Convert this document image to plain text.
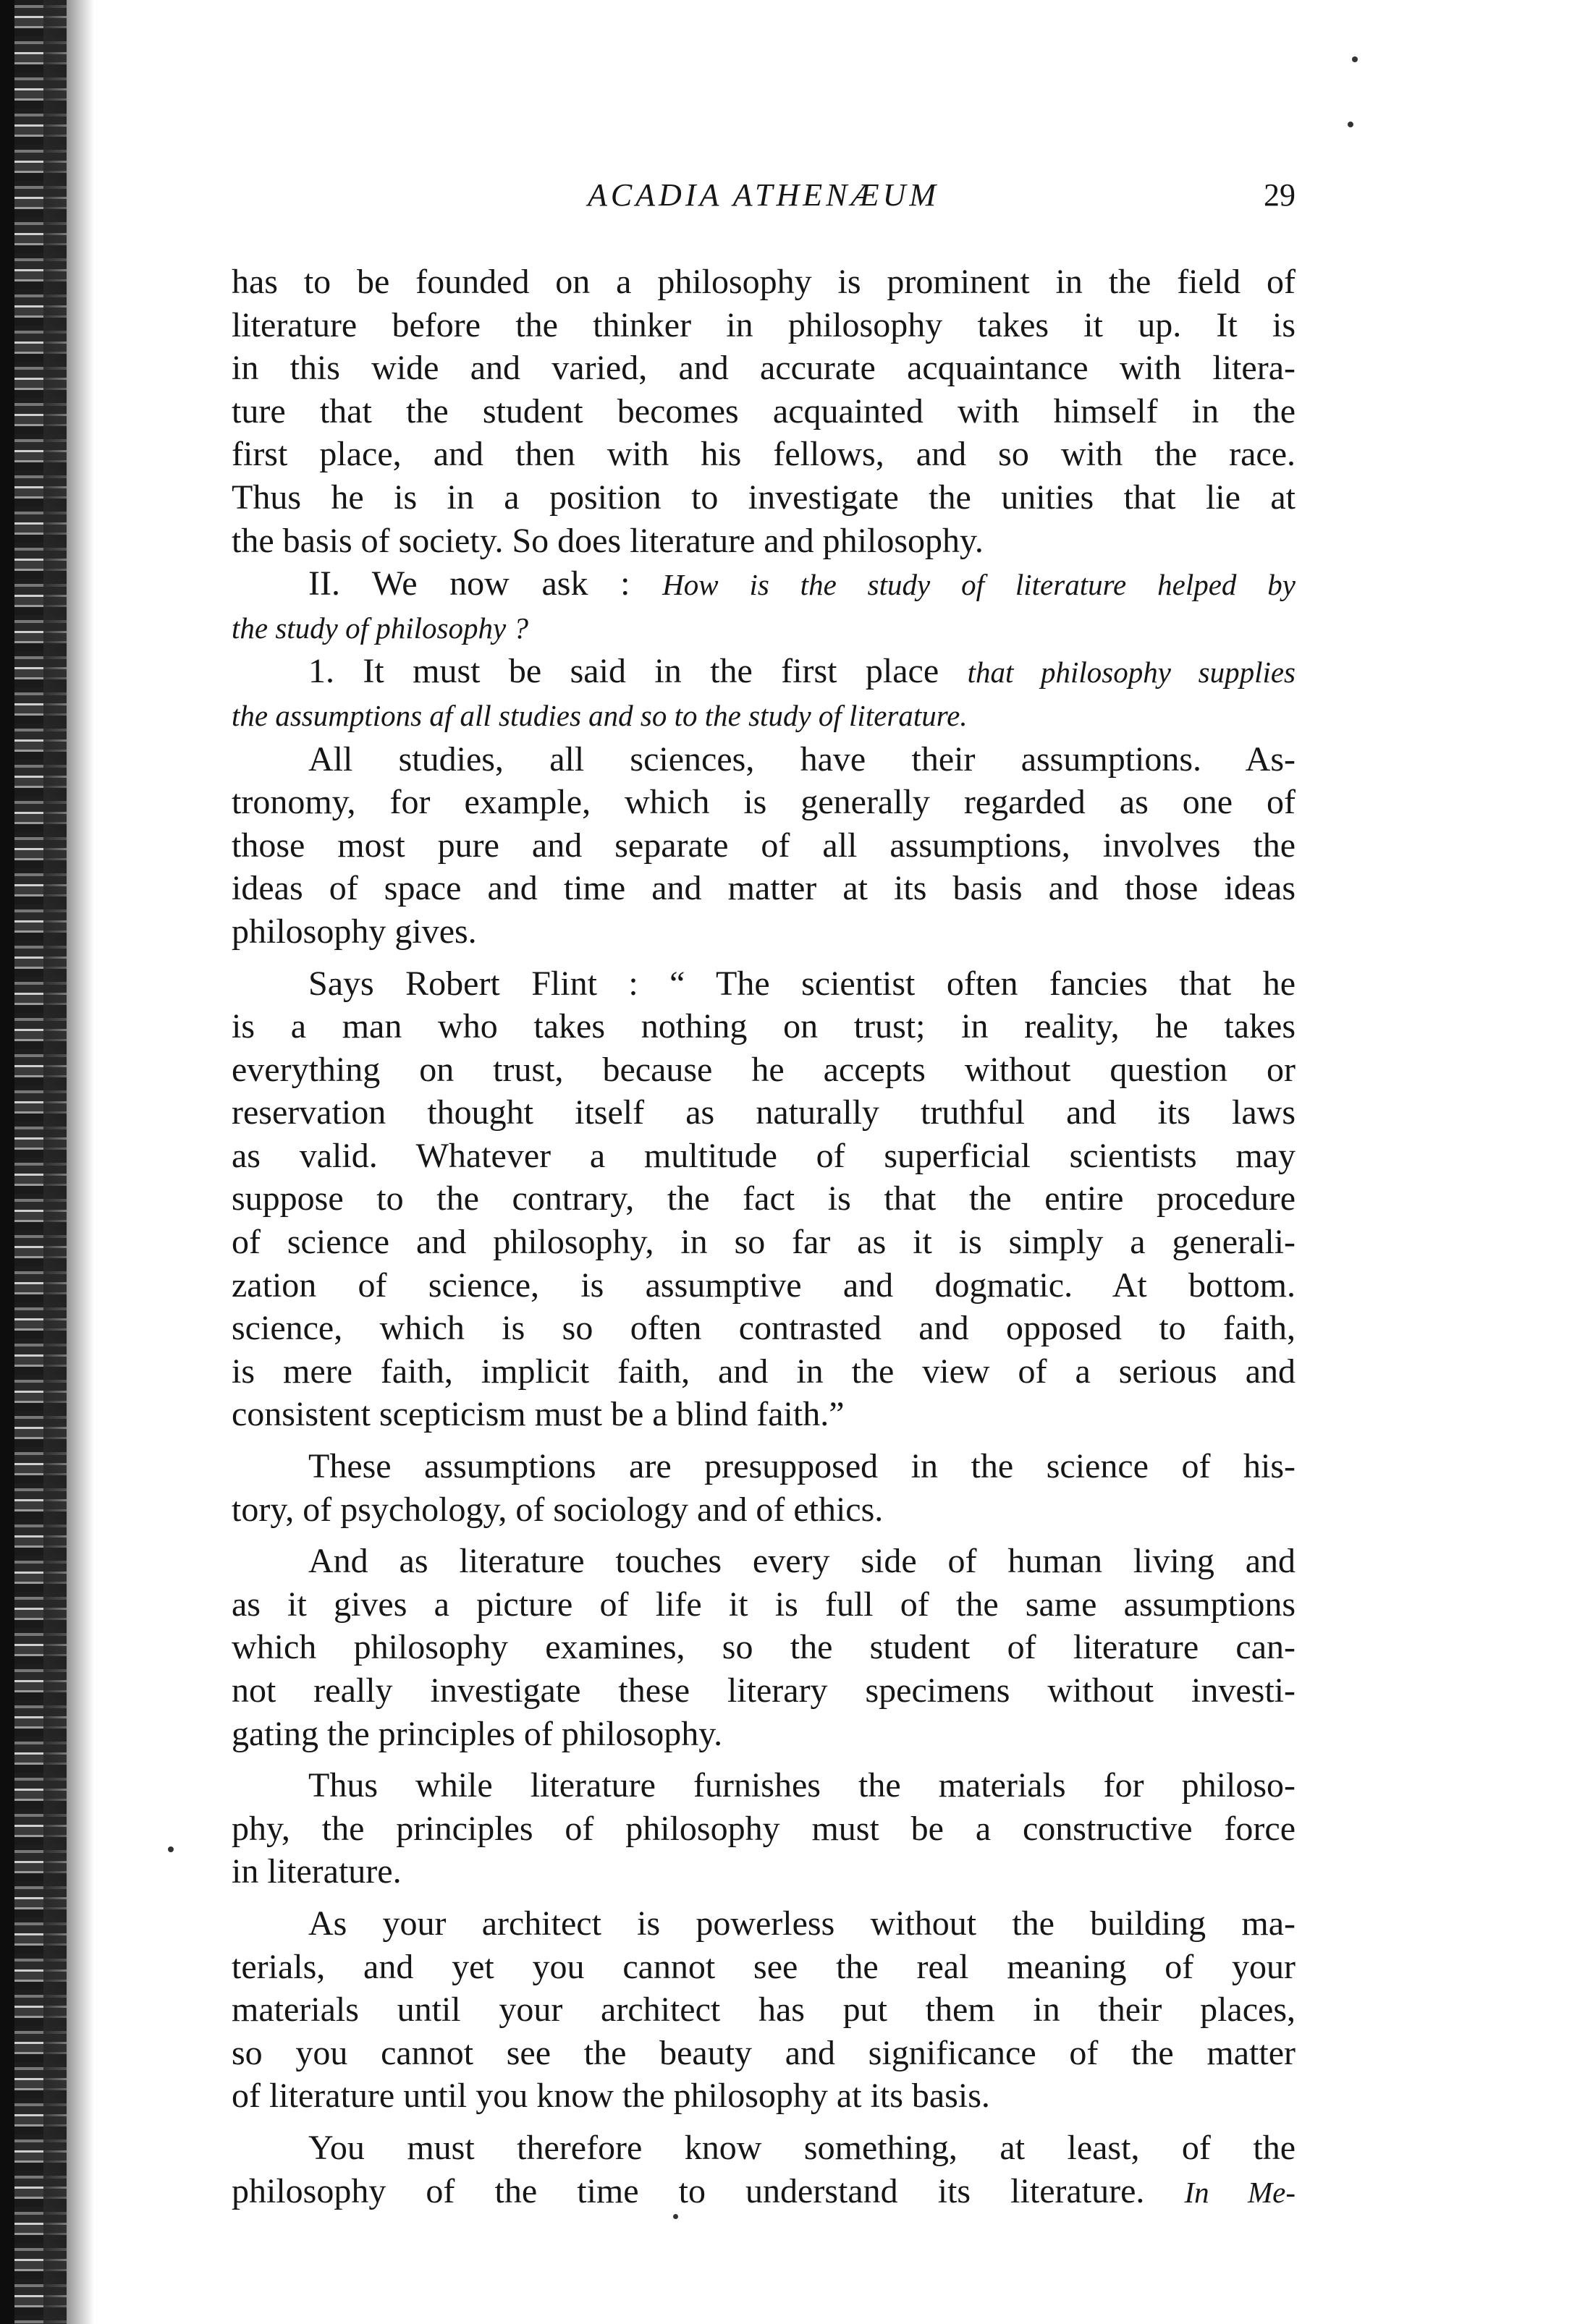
ACADIA ATHENÆUM	29
has to be founded on a philosophy is prominent in the field of
literature before the thinker in philosophy takes it up. It is
in this wide and varied, and accurate acquaintance with litera-
ture that the student becomes acquainted with himself in the
first place, and then with his fellows, and so with the race.
Thus he is in a position to investigate the unities that lie at
the basis of society. So does literature and philosophy.
II. We now ask : How is the study of literature helped by
the study of philosophy ?
1. It must be said in the first place that philosophy supplies
the assumptions af all studies and so to the study of literature.
All studies, all sciences, have their assumptions. As-
tronomy, for example, which is generally regarded as one of
those most pure and separate of all assumptions, involves the
ideas of space and time and matter at its basis and those ideas
philosophy gives.
Says Robert Flint : “ The scientist often fancies that he
is a man who takes nothing on trust; in reality, he takes
everything on trust, because he accepts without question or
reservation thought itself as naturally truthful and its laws
as valid. Whatever a multitude of superficial scientists may
suppose to the contrary, the fact is that the entire procedure
of science and philosophy, in so far as it is simply a generali-
zation of science, is assumptive and dogmatic. At bottom.
science, which is so often contrasted and opposed to faith,
is mere faith, implicit faith, and in the view of a serious and
consistent scepticism must be a blind faith.”
These assumptions are presupposed in the science of his-
tory, of psychology, of sociology and of ethics.
And as literature touches every side of human living and
as it gives a picture of life it is full of the same assumptions
which philosophy examines, so the student of literature can-
not really investigate these literary specimens without investi-
gating the principles of philosophy.
Thus while literature furnishes the materials for philoso-
phy, the principles of philosophy must be a constructive force
in literature.
As your architect is powerless without the building ma-
terials, and yet you cannot see the real meaning of your
materials until your architect has put them in their places,
so you cannot see the beauty and significance of the matter
of literature until you know the philosophy at its basis.
You must therefore know something, at least, of the
philosophy of the time to understand its literature. In Me-
